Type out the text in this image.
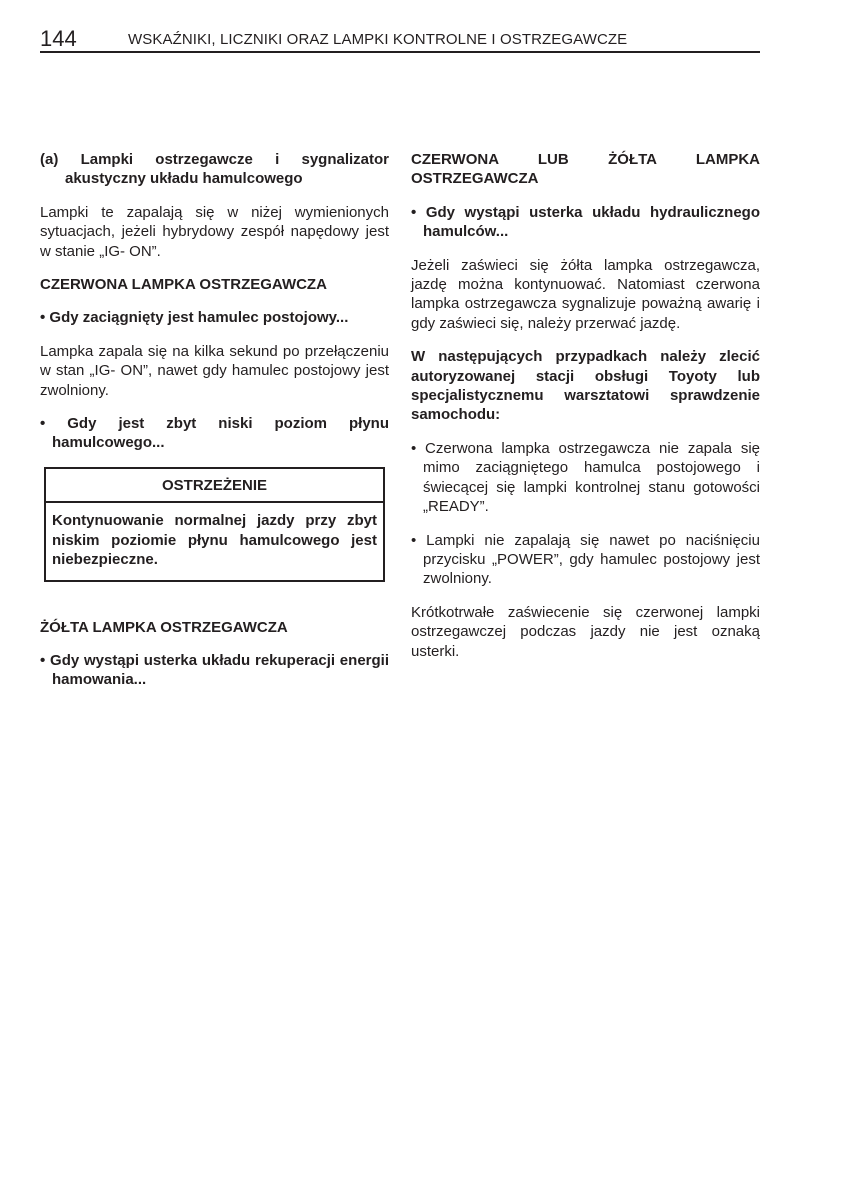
144	WSKAŹNIKI, LICZNIKI ORAZ LAMPKI KONTROLNE I OSTRZEGAWCZE

(a) Lampki ostrzegawcze i sygnalizator akustyczny układu hamulcowego

Lampki te zapalają się w niżej wymienionych sytuacjach, jeżeli hybrydowy zespół napędowy jest w stanie „IG- ON”.

CZERWONA LAMPKA OSTRZEGAWCZA

• Gdy zaciągnięty jest hamulec postojowy...

Lampka zapala się na kilka sekund po przełączeniu w stan „IG- ON”, nawet gdy hamulec postojowy jest zwolniony.

• Gdy jest zbyt niski poziom płynu hamulcowego...

OSTRZEŻENIE
Kontynuowanie normalnej jazdy przy zbyt niskim poziomie płynu hamulcowego jest niebezpieczne.

ŻÓŁTA LAMPKA OSTRZEGAWCZA

• Gdy wystąpi usterka układu rekuperacji energii hamowania...

CZERWONA LUB ŻÓŁTA LAMPKA OSTRZEGAWCZA

• Gdy wystąpi usterka układu hydraulicznego hamulców...

Jeżeli zaświeci się żółta lampka ostrzegawcza, jazdę można kontynuować. Natomiast czerwona lampka ostrzegawcza sygnalizuje poważną awarię i gdy zaświeci się, należy przerwać jazdę.

W następujących przypadkach należy zlecić autoryzowanej stacji obsługi Toyoty lub specjalistycznemu warsztatowi sprawdzenie samochodu:

• Czerwona lampka ostrzegawcza nie zapala się mimo zaciągniętego hamulca postojowego i świecącej się lampki kontrolnej stanu gotowości „READY”.

• Lampki nie zapalają się nawet po naciśnięciu przycisku „POWER”, gdy hamulec postojowy jest zwolniony.

Krótkotrwałe zaświecenie się czerwonej lampki ostrzegawczej podczas jazdy nie jest oznaką usterki.
